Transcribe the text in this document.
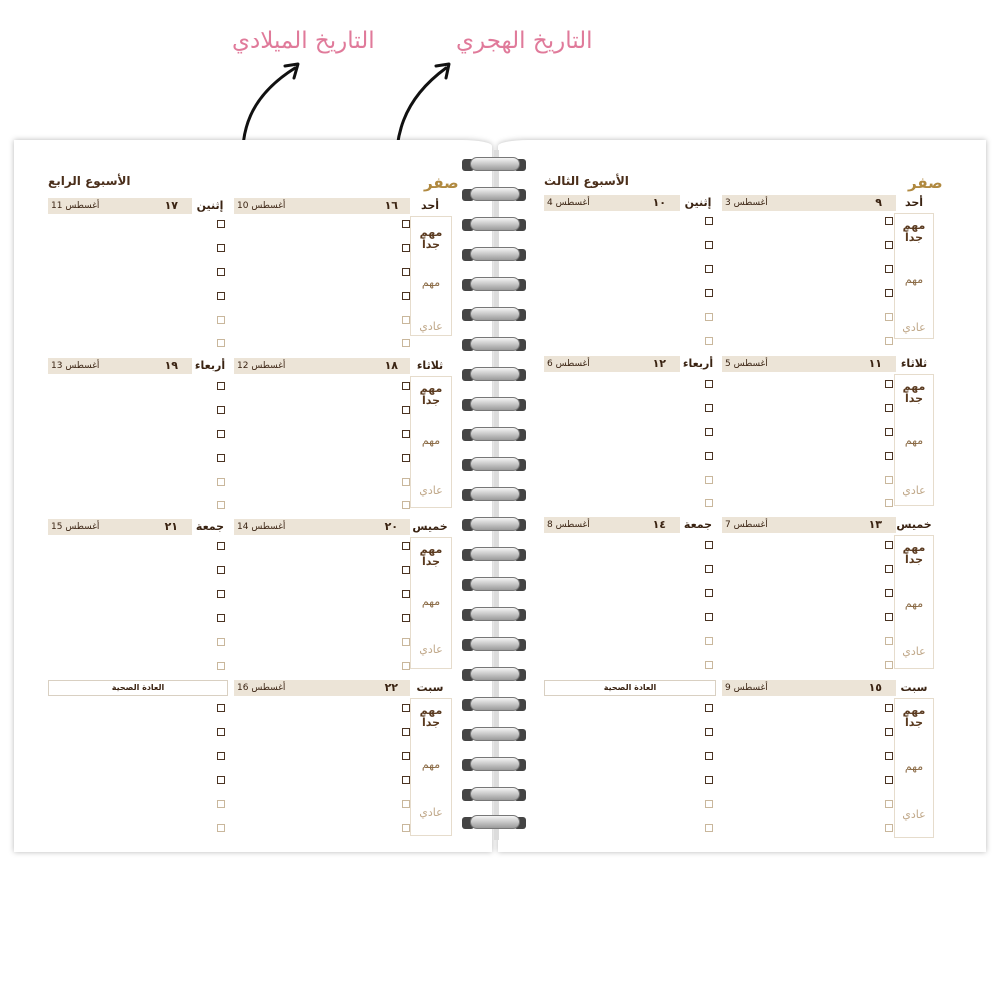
التاريخ الميلادي	التاريخ الهجري
صفر
الأسبوع الرابع
أحد
١٦
أغسطس 10
مهم جداً
مهم
عادي
ثلاثاء
١٨
أغسطس 12
مهم جداً
مهم
عادي
خميس
٢٠
أغسطس 14
مهم جداً
مهم
عادي
سبت
٢٢
أغسطس 16
مهم جداً
مهم
عادي
إثنين
١٧
أغسطس 11
أربعاء
١٩
أغسطس 13
جمعة
٢١
أغسطس 15
العادة الصحية
صفر
الأسبوع الثالث
أحد
٩
أغسطس 3
مهم جداً
مهم
عادي
ثلاثاء
١١
أغسطس 5
مهم جداً
مهم
عادي
خميس
١٣
أغسطس 7
مهم جداً
مهم
عادي
سبت
١٥
أغسطس 9
مهم جداً
مهم
عادي
إثنين
١٠
أغسطس 4
أربعاء
١٢
أغسطس 6
جمعة
١٤
أغسطس 8
العادة الصحية
